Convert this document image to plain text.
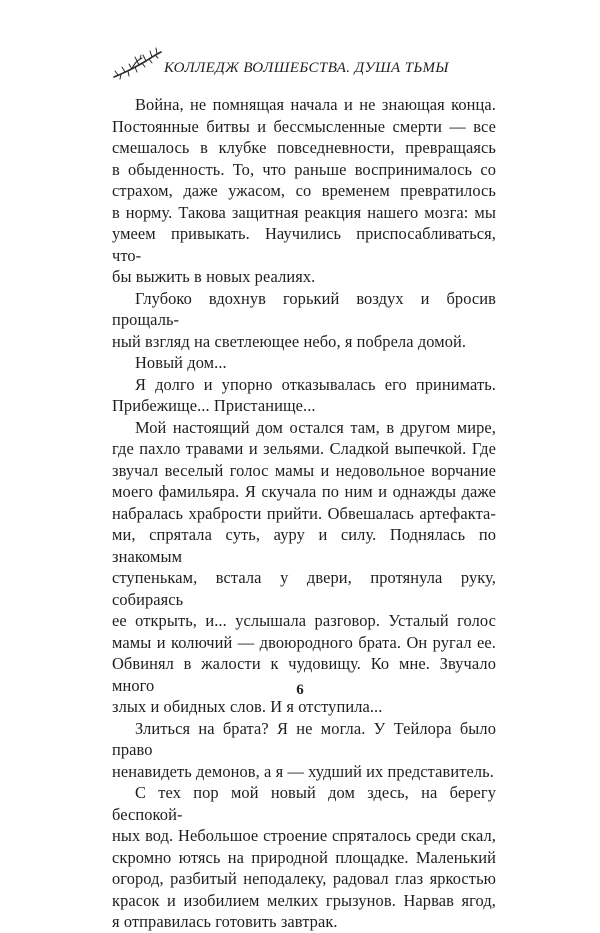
КОЛЛЕДЖ ВОЛШЕБСТВА. ДУША ТЬМЫ

Война, не помнящая начала и не знающая конца.
Постоянные битвы и бессмысленные смерти — все
смешалось в клубке повседневности, превращаясь
в обыденность. То, что раньше воспринималось со
страхом, даже ужасом, со временем превратилось
в норму. Такова защитная реакция нашего мозга: мы
умеем привыкать. Научились приспосабливаться, что-
бы выжить в новых реалиях.

Глубоко вдохнув горький воздух и бросив прощаль-
ный взгляд на светлеющее небо, я побрела домой.

Новый дом...

Я долго и упорно отказывалась его принимать.
Прибежище... Пристанище...

Мой настоящий дом остался там, в другом мире,
где пахло травами и зельями. Сладкой выпечкой. Где
звучал веселый голос мамы и недовольное ворчание
моего фамильяра. Я скучала по ним и однажды даже
набралась храбрости прийти. Обвешалась артефакта-
ми, спрятала суть, ауру и силу. Поднялась по знакомым
ступенькам, встала у двери, протянула руку, собираясь
ее открыть, и... услышала разговор. Усталый голос
мамы и колючий — двоюродного брата. Он ругал ее.
Обвинял в жалости к чудовищу. Ко мне. Звучало много
злых и обидных слов. И я отступила...

Злиться на брата? Я не могла. У Тейлора было право
ненавидеть демонов, а я — худший их представитель.

С тех пор мой новый дом здесь, на берегу беспокой-
ных вод. Небольшое строение спряталось среди скал,
скромно ютясь на природной площадке. Маленький
огород, разбитый неподалеку, радовал глаз яркостью
красок и изобилием мелких грызунов. Нарвав ягод,
я отправилась готовить завтрак.

6
